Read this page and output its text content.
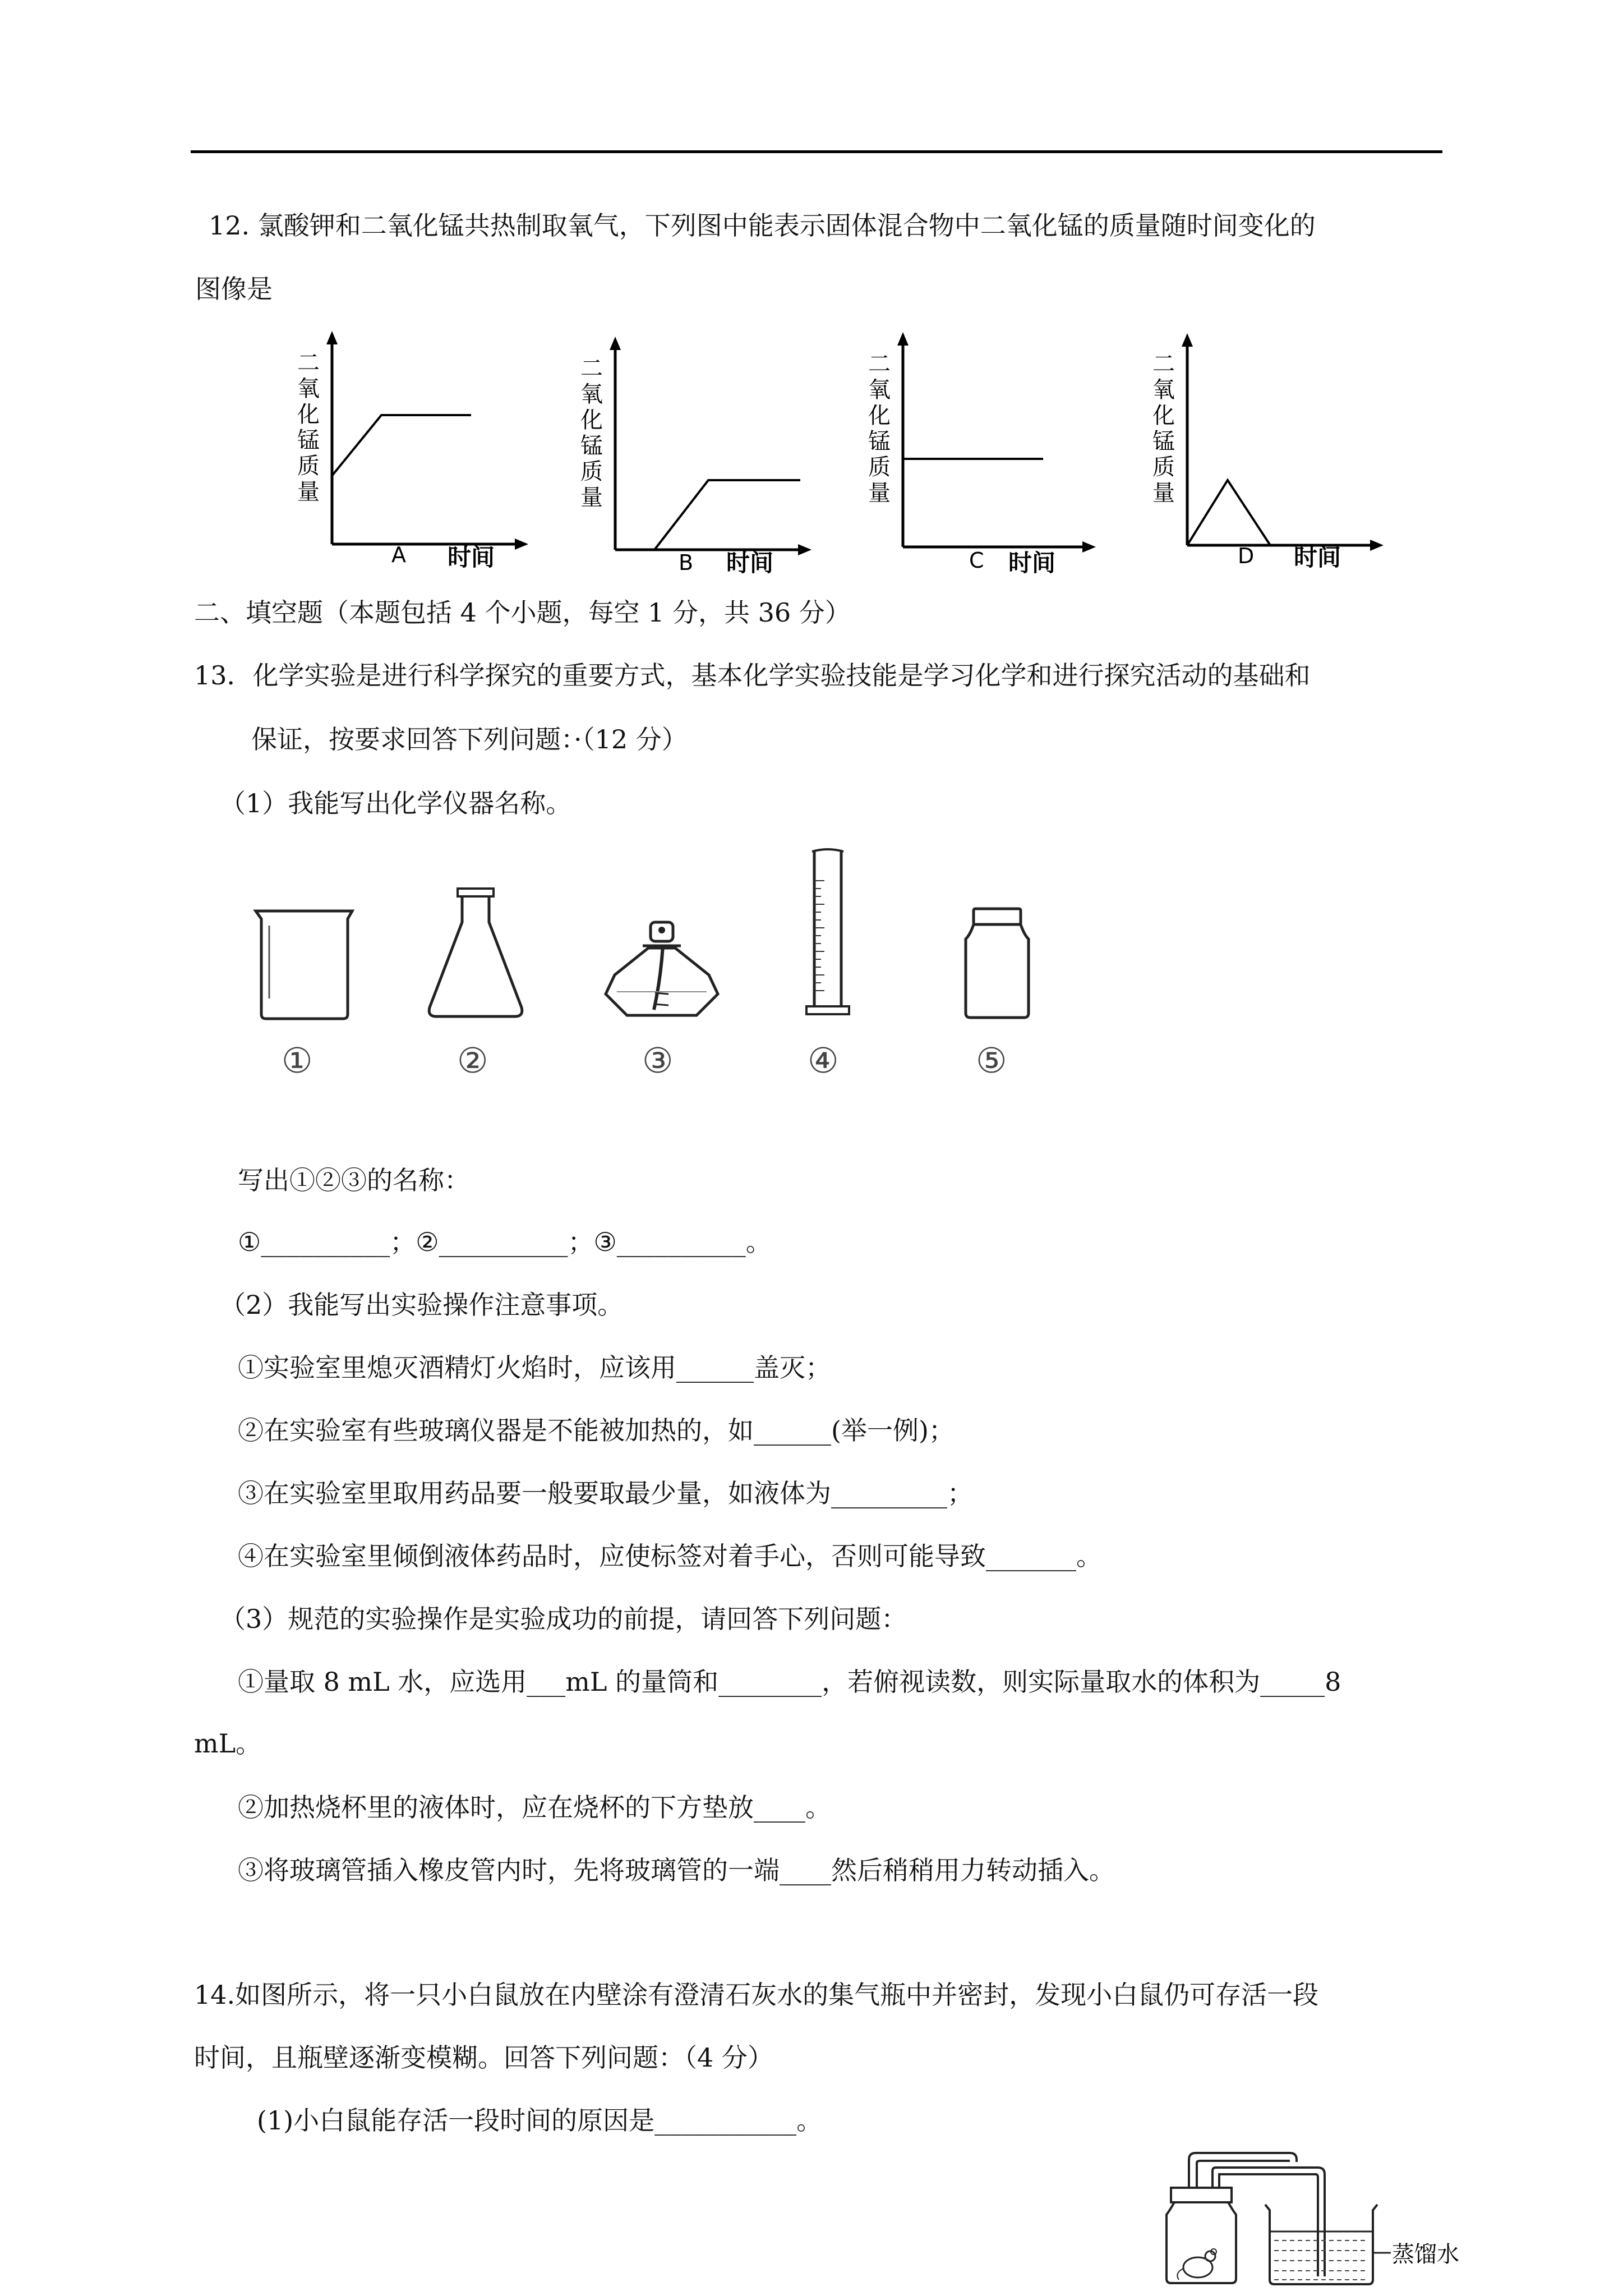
12. 氯酸钾和二氧化锰共热制取氧气，下列图中能表示固体混合物中二氧化锰的质量随时间变化的
图像是
二氧化锰质量
A 时间
二氧化锰质量
B 时间
二氧化锰质量
C 时间
二氧化锰质量
D 时间
二、填空题（本题包括 4 个小题，每空 1 分，共 36 分）
13．化学实验是进行科学探究的重要方式，基本化学实验技能是学习化学和进行探究活动的基础和
保证，按要求回答下列问题：·（12 分）
（1）我能写出化学仪器名称。
①	②	③	④	⑤
写出①②③的名称：
①__________；②__________；③__________。
（2）我能写出实验操作注意事项。
①实验室里熄灭酒精灯火焰时，应该用______盖灭；
②在实验室有些玻璃仪器是不能被加热的，如______(举一例)；
③在实验室里取用药品要一般要取最少量，如液体为_________；
④在实验室里倾倒液体药品时，应使标签对着手心，否则可能导致_______。
（3）规范的实验操作是实验成功的前提，请回答下列问题：
①量取 8 mL 水，应选用___mL 的量筒和________，若俯视读数，则实际量取水的体积为_____8
mL。
②加热烧杯里的液体时，应在烧杯的下方垫放____。
③将玻璃管插入橡皮管内时，先将玻璃管的一端____然后稍稍用力转动插入。
14.如图所示，将一只小白鼠放在内壁涂有澄清石灰水的集气瓶中并密封，发现小白鼠仍可存活一段
时间，且瓶壁逐渐变模糊。回答下列问题：（4 分）
(1)小白鼠能存活一段时间的原因是___________。
蒸馏水
